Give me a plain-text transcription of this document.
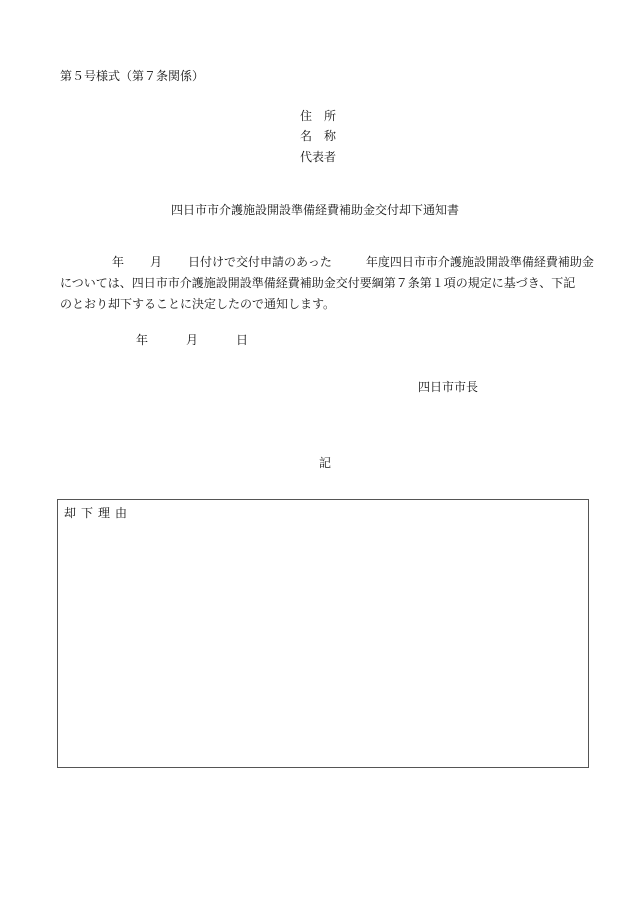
第５号様式（第７条関係）
住　所
名　称
代表者
四日市市介護施設開設準備経費補助金交付却下通知書
年 月 日付けで交付申請のあった	年度四日市市介護施設開設準備経費補助金
については、四日市市介護施設開設準備経費補助金交付要綱第７条第１項の規定に基づき、下記
のとおり却下することに決定したので通知します。
年	月	日
四日市市長
記
却下理由
